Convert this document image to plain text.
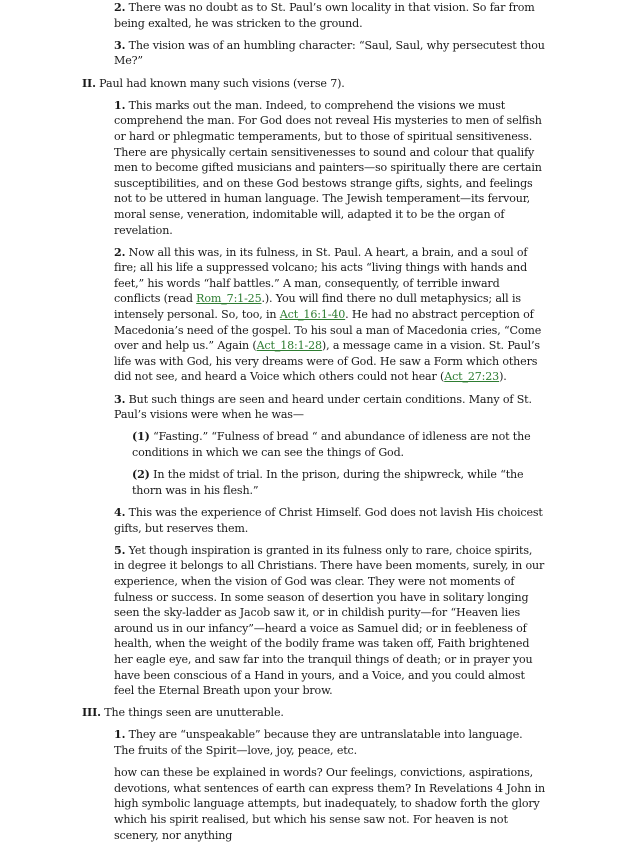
2. There was no doubt as to St. Paul’s own locality in that vision. So far from being exalted, he was stricken to the ground.

3. The vision was of an humbling character: “Saul, Saul, why persecutest thou Me?”

II. Paul had known many such visions (verse 7).

1. This marks out the man. Indeed, to comprehend the visions we must comprehend the man. For God does not reveal His mysteries to men of selfish or hard or phlegmatic temperaments, but to those of spiritual sensitiveness. There are physically certain sensitivenesses to sound and colour that qualify men to become gifted musicians and painters—so spiritually there are certain susceptibilities, and on these God bestows strange gifts, sights, and feelings not to be uttered in human language. The Jewish temperament—its fervour, moral sense, veneration, indomitable will, adapted it to be the organ of revelation.

2. Now all this was, in its fulness, in St. Paul. A heart, a brain, and a soul of fire; all his life a suppressed volcano; his acts “living things with hands and feet,” his words “half battles.” A man, consequently, of terrible inward conflicts (read Rom_7:1-25.). You will find there no dull metaphysics; all is intensely personal. So, too, in Act_16:1-40. He had no abstract perception of Macedonia’s need of the gospel. To his soul a man of Macedonia cries, “Come over and help us.” Again (Act_18:1-28), a message came in a vision. St. Paul’s life was with God, his very dreams were of God. He saw a Form which others did not see, and heard a Voice which others could not hear (Act_27:23).

3. But such things are seen and heard under certain conditions. Many of St. Paul’s visions were when he was—

(1) “Fasting.” “Fulness of bread “ and abundance of idleness are not the conditions in which we can see the things of God.

(2) In the midst of trial. In the prison, during the shipwreck, while “the thorn was in his flesh.”

4. This was the experience of Christ Himself. God does not lavish His choicest gifts, but reserves them.

5. Yet though inspiration is granted in its fulness only to rare, choice spirits, in degree it belongs to all Christians. There have been moments, surely, in our experience, when the vision of God was clear. They were not moments of fulness or success. In some season of desertion you have in solitary longing seen the sky-ladder as Jacob saw it, or in childish purity—for “Heaven lies around us in our infancy”—heard a voice as Samuel did; or in feebleness of health, when the weight of the bodily frame was taken off, Faith brightened her eagle eye, and saw far into the tranquil things of death; or in prayer you have been conscious of a Hand in yours, and a Voice, and you could almost feel the Eternal Breath upon your brow.

III. The things seen are unutterable.

1. They are “unspeakable” because they are untranslatable into language. The fruits of the Spirit—love, joy, peace, etc.

how can these be explained in words? Our feelings, convictions, aspirations, devotions, what sentences of earth can express them? In Revelations 4 John in high symbolic language attempts, but inadequately, to shadow forth the glory which his spirit realised, but which his sense saw not. For heaven is not scenery, nor anything
